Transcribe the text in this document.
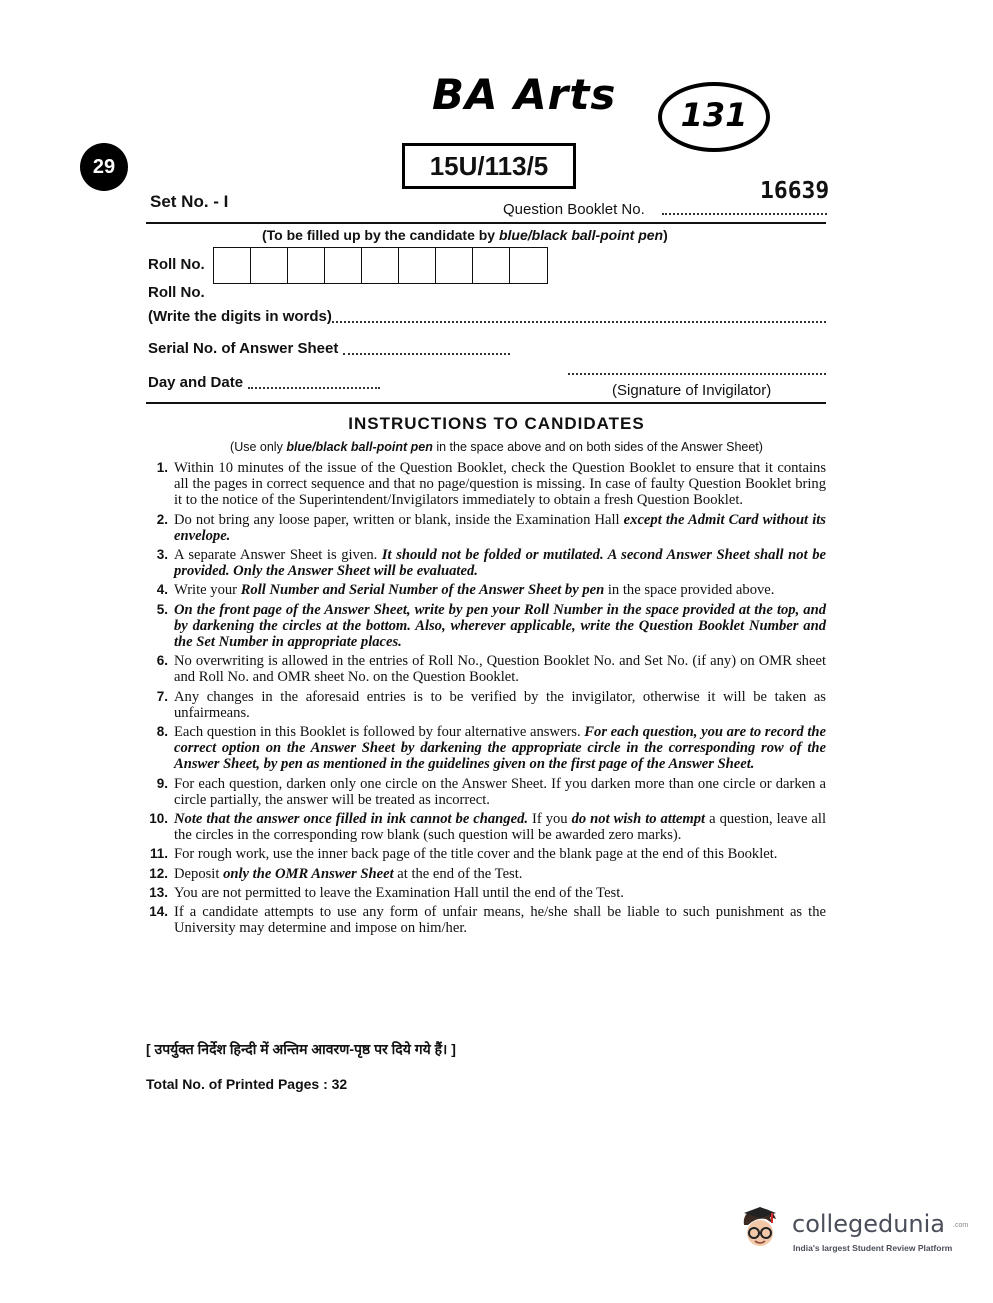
BA Arts	131
29	15U/113/5
16639
Set No. - I	Question Booklet No.
(To be filled up by the candidate by blue/black ball-point pen)
Roll No.
Roll No.
(Write the digits in words)
Serial No. of Answer Sheet
Day and Date	(Signature of Invigilator)
INSTRUCTIONS TO CANDIDATES
(Use only blue/black ball-point pen in the space above and on both sides of the Answer Sheet)
1. Within 10 minutes of the issue of the Question Booklet, check the Question Booklet to ensure that it contains all the pages in correct sequence and that no page/question is missing. In case of faulty Question Booklet bring it to the notice of the Superintendent/Invigilators immediately to obtain a fresh Question Booklet.
2. Do not bring any loose paper, written or blank, inside the Examination Hall except the Admit Card without its envelope.
3. A separate Answer Sheet is given. It should not be folded or mutilated. A second Answer Sheet shall not be provided. Only the Answer Sheet will be evaluated.
4. Write your Roll Number and Serial Number of the Answer Sheet by pen in the space provided above.
5. On the front page of the Answer Sheet, write by pen your Roll Number in the space provided at the top, and by darkening the circles at the bottom. Also, wherever applicable, write the Question Booklet Number and the Set Number in appropriate places.
6. No overwriting is allowed in the entries of Roll No., Question Booklet No. and Set No. (if any) on OMR sheet and Roll No. and OMR sheet No. on the Question Booklet.
7. Any changes in the aforesaid entries is to be verified by the invigilator, otherwise it will be taken as unfairmeans.
8. Each question in this Booklet is followed by four alternative answers. For each question, you are to record the correct option on the Answer Sheet by darkening the appropriate circle in the corresponding row of the Answer Sheet, by pen as mentioned in the guidelines given on the first page of the Answer Sheet.
9. For each question, darken only one circle on the Answer Sheet. If you darken more than one circle or darken a circle partially, the answer will be treated as incorrect.
10. Note that the answer once filled in ink cannot be changed. If you do not wish to attempt a question, leave all the circles in the corresponding row blank (such question will be awarded zero marks).
11. For rough work, use the inner back page of the title cover and the blank page at the end of this Booklet.
12. Deposit only the OMR Answer Sheet at the end of the Test.
13. You are not permitted to leave the Examination Hall until the end of the Test.
14. If a candidate attempts to use any form of unfair means, he/she shall be liable to such punishment as the University may determine and impose on him/her.
[ उपर्युक्त निर्देश हिन्दी में अन्तिम आवरण-पृष्ठ पर दिये गये हैं। ]
Total No. of Printed Pages : 32
collegedunia .com
India's largest Student Review Platform
